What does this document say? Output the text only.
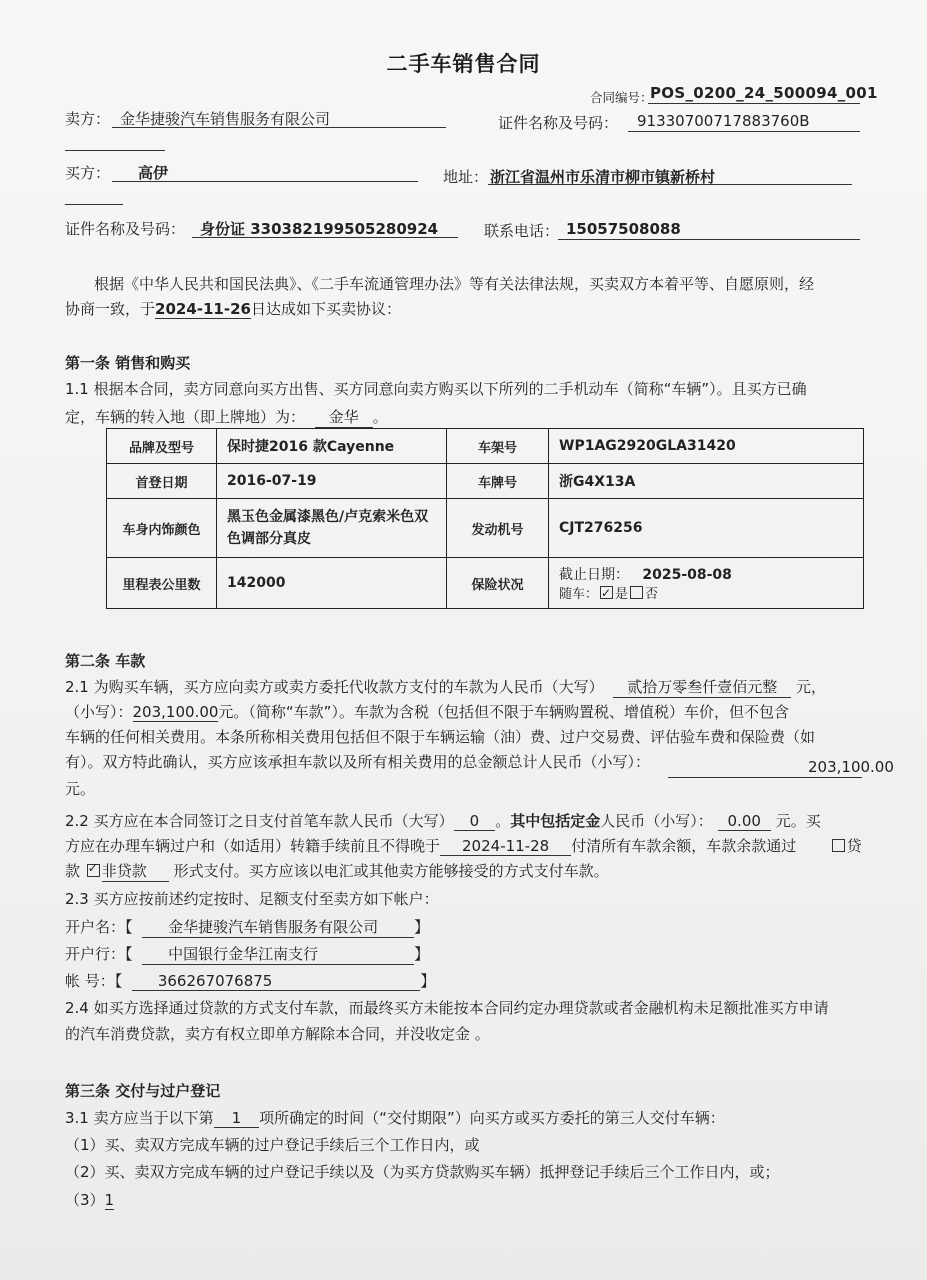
二手车销售合同
合同编号：
POS_0200_24_500094_001
卖方： 金华捷骏汽车销售服务有限公司	证件名称及号码： 91330700717883760B
买方： 高伊	地址： 浙江省温州市乐清市柳市镇新桥村
证件名称及号码： 身份证 330382199505280924	联系电话： 15057508088
根据《中华人民共和国民法典》、《二手车流通管理办法》等有关法律法规，买卖双方本着平等、自愿原则，经
协商一致，于2024-11-26日达成如下买卖协议：
第一条 销售和购买
1.1 根据本合同，卖方同意向买方出售、买方同意向卖方购买以下所列的二手机动车（简称“车辆”）。且买方已确
定，车辆的转入地（即上牌地）为： 金华 。
品牌及型号	保时捷2016 款Cayenne	车架号	WP1AG2920GLA31420
首登日期	2016-07-19	车牌号	浙G4X13A
车身内饰颜色	黑玉色金属漆黑色/卢克索米色双色调部分真皮	发动机号	CJT276256
里程表公里数	142000	保险状况	截止日期： 2025-08-08
随车： ✓ 是 否
第二条 车款
2.1 为购买车辆，买方应向卖方或卖方委托代收款方支付的车款为人民币（大写） 贰拾万零叁仟壹佰元整 元，
（小写）：203,100.00元。（简称“车款”）。车款为含税（包括但不限于车辆购置税、增值税）车价，但不包含
车辆的任何相关费用。本条所称相关费用包括但不限于车辆运输（油）费、过户交易费、评估验车费和保险费（如
有）。双方特此确认，买方应该承担车款以及所有相关费用的总金额总计人民币（小写）：	203,100.00
元。
2.2 买方应在本合同签订之日支付首笔车款人民币（大写） 0 。其中包括定金人民币（小写）： 0.00 元。买
方应在办理车辆过户和（如适用）转籍手续前且不得晚于 2024-11-28 付清所有车款余额，车款余款通过	贷
款 ✓ 非贷款 形式支付。买方应该以电汇或其他卖方能够接受的方式支付车款。
2.3 买方应按前述约定按时、足额支付至卖方如下帐户：
开户名：【 金华捷骏汽车销售服务有限公司 】
开户行：【 中国银行金华江南支行	】
帐 号：【 366267076875	】
2.4 如买方选择通过贷款的方式支付车款，而最终买方未能按本合同约定办理贷款或者金融机构未足额批准买方申请
的汽车消费贷款，卖方有权立即单方解除本合同，并没收定金 。
第三条 交付与过户登记
3.1 卖方应当于以下第 1 项所确定的时间（“交付期限”）向买方或买方委托的第三人交付车辆：
（1）买、卖双方完成车辆的过户登记手续后三个工作日内，或
（2）买、卖双方完成车辆的过户登记手续以及（为买方贷款购买车辆）抵押登记手续后三个工作日内，或；
（3）1
